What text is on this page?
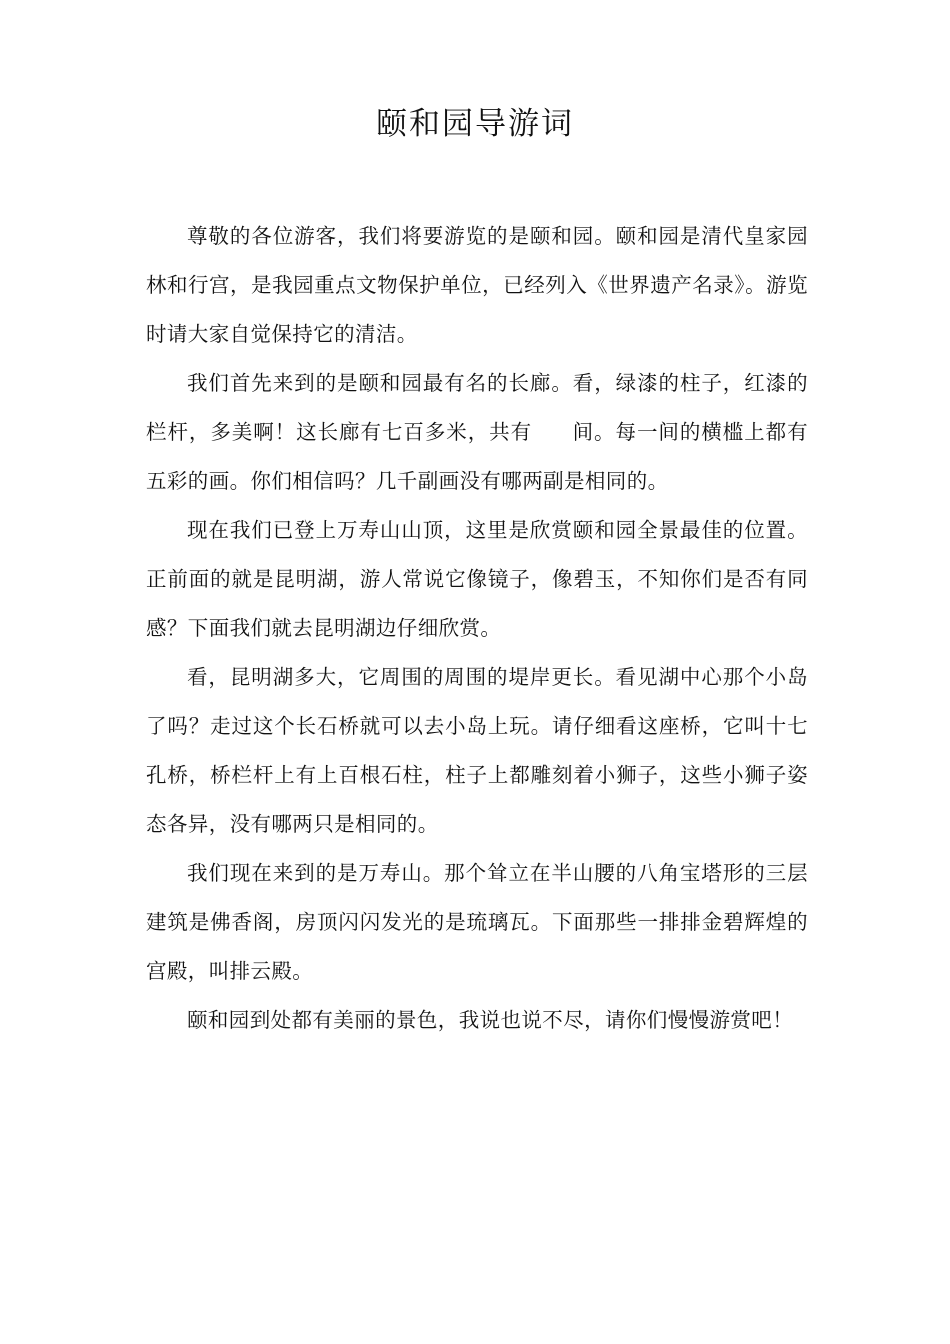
颐和园导游词

尊敬的各位游客，我们将要游览的是颐和园。颐和园是清代皇家园林和行宫，是我园重点文物保护单位，已经列入《世界遗产名录》。游览时请大家自觉保持它的清洁。

我们首先来到的是颐和园最有名的长廊。看，绿漆的柱子，红漆的栏杆，多美啊！这长廊有七百多米，共有 间。每一间的横槛上都有五彩的画。你们相信吗？几千副画没有哪两副是相同的。

现在我们已登上万寿山山顶，这里是欣赏颐和园全景最佳的位置。正前面的就是昆明湖，游人常说它像镜子，像碧玉，不知你们是否有同感？下面我们就去昆明湖边仔细欣赏。

看，昆明湖多大，它周围的周围的堤岸更长。看见湖中心那个小岛了吗？走过这个长石桥就可以去小岛上玩。请仔细看这座桥，它叫十七孔桥，桥栏杆上有上百根石柱，柱子上都雕刻着小狮子，这些小狮子姿态各异，没有哪两只是相同的。

我们现在来到的是万寿山。那个耸立在半山腰的八角宝塔形的三层建筑是佛香阁，房顶闪闪发光的是琉璃瓦。下面那些一排排金碧辉煌的宫殿，叫排云殿。

颐和园到处都有美丽的景色，我说也说不尽，请你们慢慢游赏吧！
